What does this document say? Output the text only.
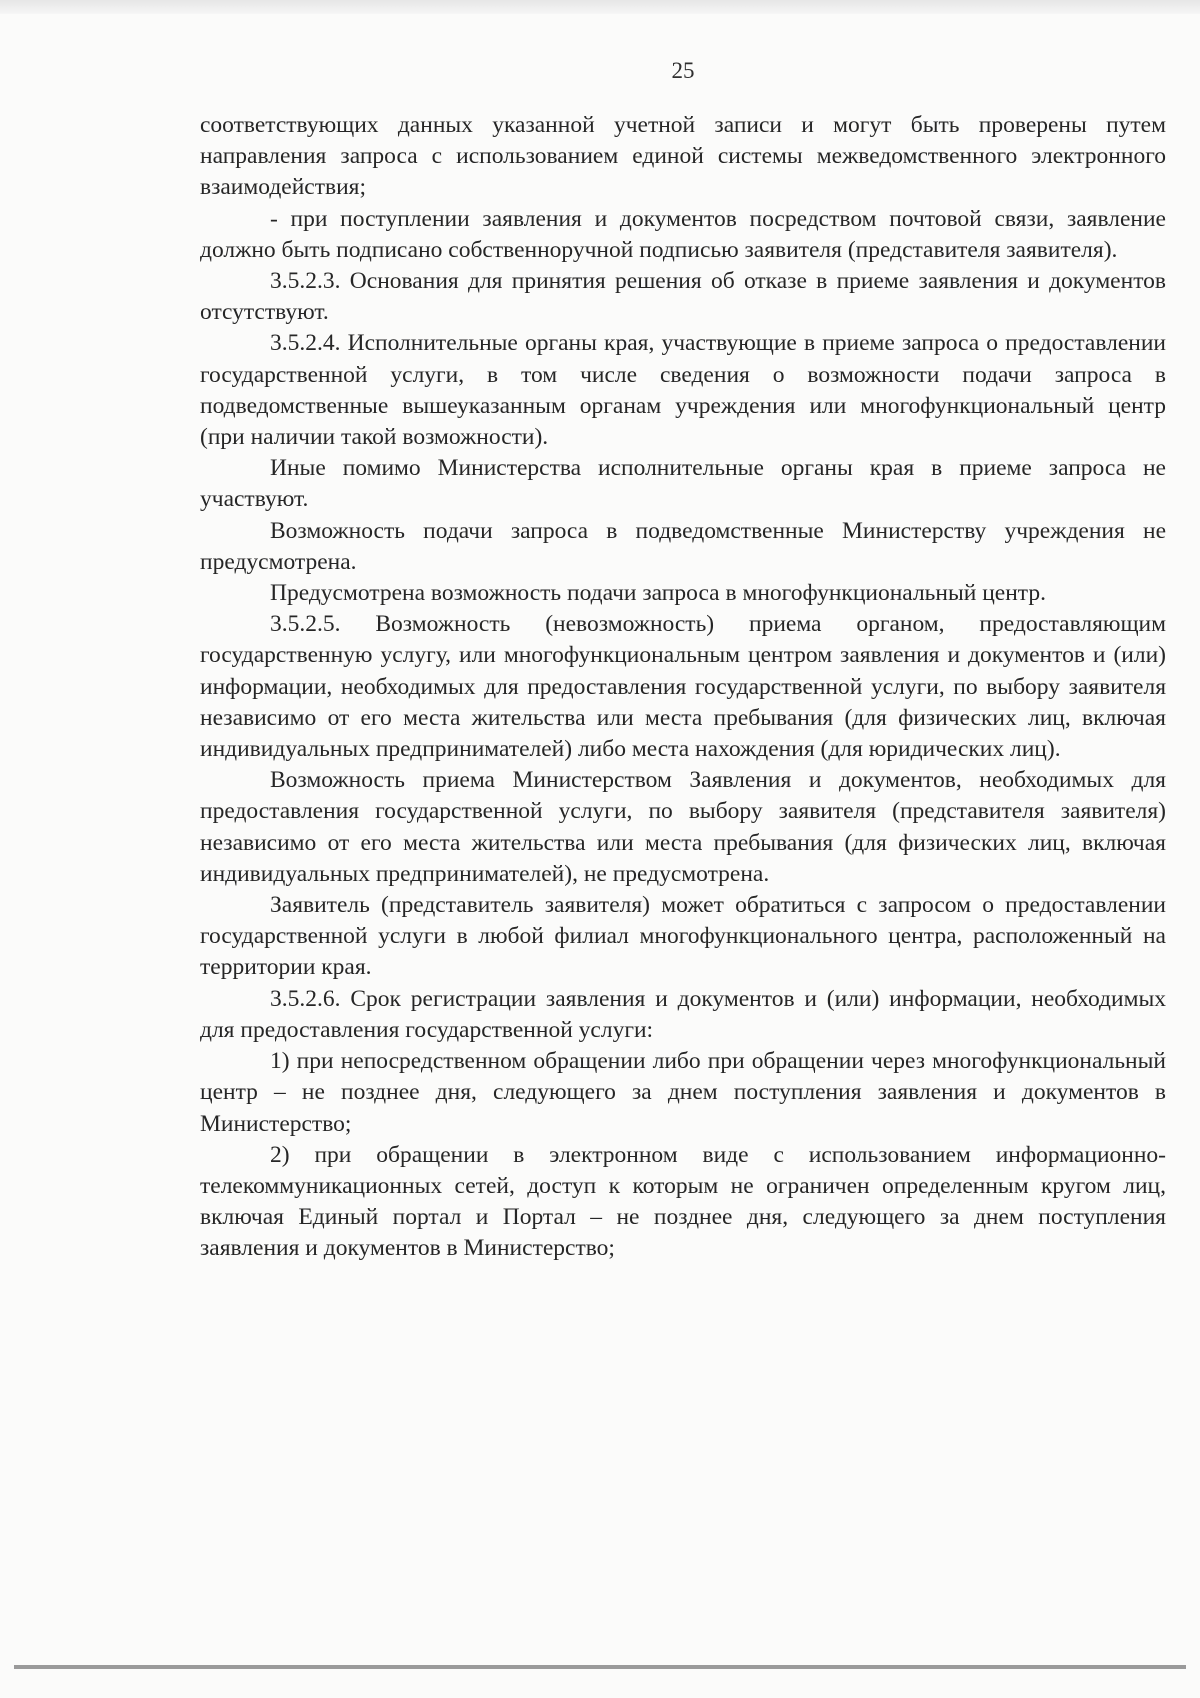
25

соответствующих данных указанной учетной записи и могут быть проверены путем направления запроса с использованием единой системы межведомственного электронного взаимодействия;

- при поступлении заявления и документов посредством почтовой связи, заявление должно быть подписано собственноручной подписью заявителя (представителя заявителя).

3.5.2.3. Основания для принятия решения об отказе в приеме заявления и документов отсутствуют.

3.5.2.4. Исполнительные органы края, участвующие в приеме запроса о предоставлении государственной услуги, в том числе сведения о возможности подачи запроса в подведомственные вышеуказанным органам учреждения или многофункциональный центр (при наличии такой возможности).

Иные помимо Министерства исполнительные органы края в приеме запроса не участвуют.

Возможность подачи запроса в подведомственные Министерству учреждения не предусмотрена.

Предусмотрена возможность подачи запроса в многофункциональный центр.

3.5.2.5. Возможность (невозможность) приема органом, предоставляющим государственную услугу, или многофункциональным центром заявления и документов и (или) информации, необходимых для предоставления государственной услуги, по выбору заявителя независимо от его места жительства или места пребывания (для физических лиц, включая индивидуальных предпринимателей) либо места нахождения (для юридических лиц).

Возможность приема Министерством Заявления и документов, необходимых для предоставления государственной услуги, по выбору заявителя (представителя заявителя) независимо от его места жительства или места пребывания (для физических лиц, включая индивидуальных предпринимателей), не предусмотрена.

Заявитель (представитель заявителя) может обратиться с запросом о предоставлении государственной услуги в любой филиал многофункционального центра, расположенный на территории края.

3.5.2.6. Срок регистрации заявления и документов и (или) информации, необходимых для предоставления государственной услуги:

1) при непосредственном обращении либо при обращении через многофункциональный центр – не позднее дня, следующего за днем поступления заявления и документов в Министерство;

2) при обращении в электронном виде с использованием информационно-телекоммуникационных сетей, доступ к которым не ограничен определенным кругом лиц, включая Единый портал и Портал – не позднее дня, следующего за днем поступления заявления и документов в Министерство;
